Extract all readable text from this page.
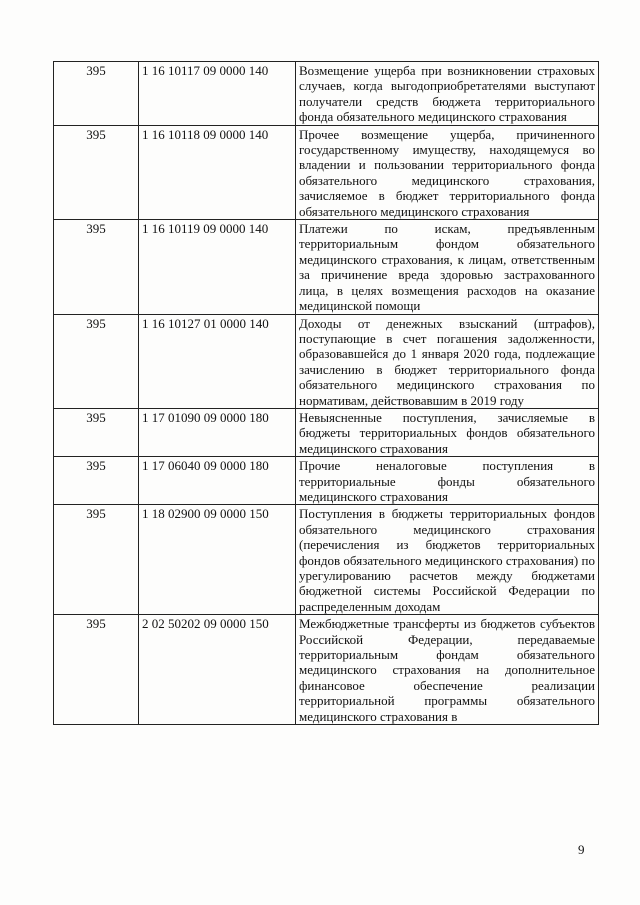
395	1 16 10117 09 0000 140	Возмещение ущерба при возникновении страховых случаев, когда выгодоприобретателями выступают получатели средств бюджета территориального фонда обязательного медицинского страхования
395	1 16 10118 09 0000 140	Прочее возмещение ущерба, причиненного государственному имуществу, находящемуся во владении и пользовании территориального фонда обязательного медицинского страхования, зачисляемое в бюджет территориального фонда обязательного медицинского страхования
395	1 16 10119 09 0000 140	Платежи по искам, предъявленным территориальным фондом обязательного медицинского страхования, к лицам, ответственным за причинение вреда здоровью застрахованного лица, в целях возмещения расходов на оказание медицинской помощи
395	1 16 10127 01 0000 140	Доходы от денежных взысканий (штрафов), поступающие в счет погашения задолженности, образовавшейся до 1 января 2020 года, подлежащие зачислению в бюджет территориального фонда обязательного медицинского страхования по нормативам, действовавшим в 2019 году
395	1 17 01090 09 0000 180	Невыясненные поступления, зачисляемые в бюджеты территориальных фондов обязательного медицинского страхования
395	1 17 06040 09 0000 180	Прочие неналоговые поступления в территориальные фонды обязательного медицинского страхования
395	1 18 02900 09 0000 150	Поступления в бюджеты территориальных фондов обязательного медицинского страхования (перечисления из бюджетов территориальных фондов обязательного медицинского страхования) по урегулированию расчетов между бюджетами бюджетной системы Российской Федерации по распределенным доходам
395	2 02 50202 09 0000 150	Межбюджетные трансферты из бюджетов субъектов Российской Федерации, передаваемые территориальным фондам обязательного медицинского страхования на дополнительное финансовое обеспечение реализации территориальной программы обязательного медицинского страхования в
9
